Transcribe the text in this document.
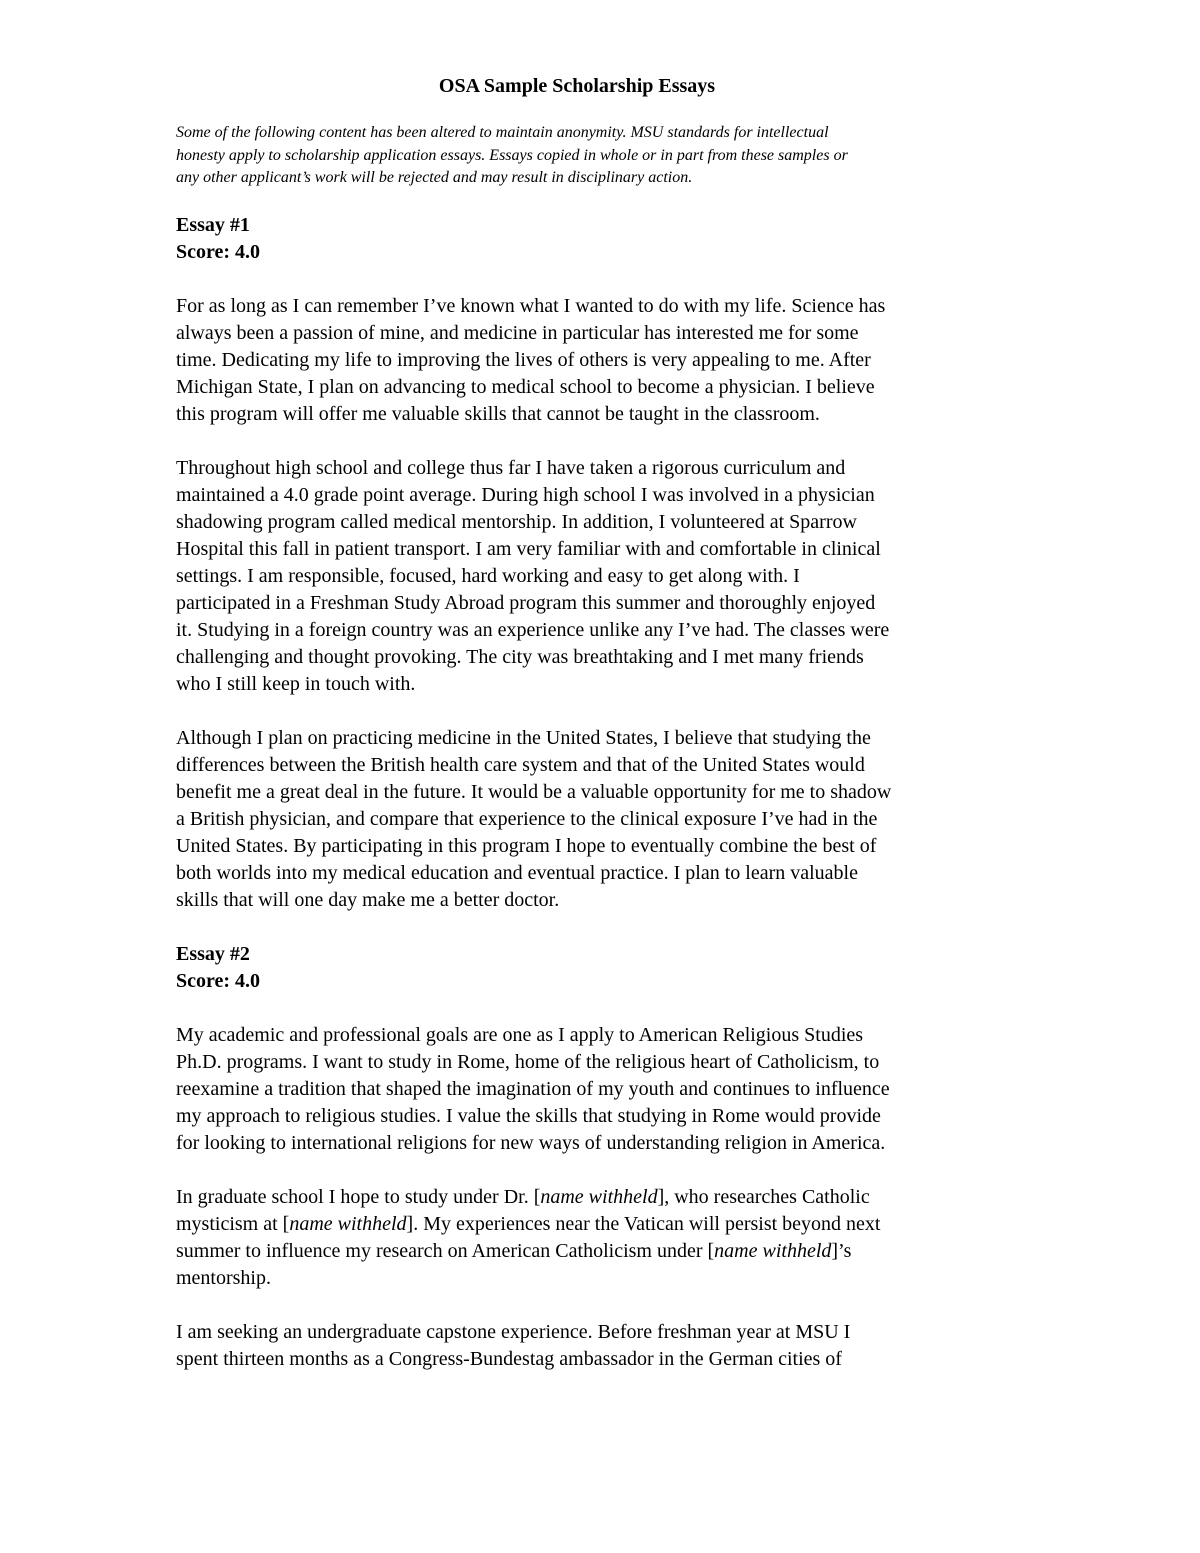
OSA Sample Scholarship Essays
Some of the following content has been altered to maintain anonymity. MSU standards for intellectual
honesty apply to scholarship application essays. Essays copied in whole or in part from these samples or
any other applicant’s work will be rejected and may result in disciplinary action.
Essay #1
Score: 4.0
For as long as I can remember I’ve known what I wanted to do with my life. Science has
always been a passion of mine, and medicine in particular has interested me for some
time. Dedicating my life to improving the lives of others is very appealing to me. After
Michigan State, I plan on advancing to medical school to become a physician. I believe
this program will offer me valuable skills that cannot be taught in the classroom.
Throughout high school and college thus far I have taken a rigorous curriculum and
maintained a 4.0 grade point average. During high school I was involved in a physician
shadowing program called medical mentorship. In addition, I volunteered at Sparrow
Hospital this fall in patient transport. I am very familiar with and comfortable in clinical
settings. I am responsible, focused, hard working and easy to get along with. I
participated in a Freshman Study Abroad program this summer and thoroughly enjoyed
it. Studying in a foreign country was an experience unlike any I’ve had. The classes were
challenging and thought provoking. The city was breathtaking and I met many friends
who I still keep in touch with.
Although I plan on practicing medicine in the United States, I believe that studying the
differences between the British health care system and that of the United States would
benefit me a great deal in the future. It would be a valuable opportunity for me to shadow
a British physician, and compare that experience to the clinical exposure I’ve had in the
United States. By participating in this program I hope to eventually combine the best of
both worlds into my medical education and eventual practice. I plan to learn valuable
skills that will one day make me a better doctor.
Essay #2
Score: 4.0
My academic and professional goals are one as I apply to American Religious Studies
Ph.D. programs. I want to study in Rome, home of the religious heart of Catholicism, to
reexamine a tradition that shaped the imagination of my youth and continues to influence
my approach to religious studies. I value the skills that studying in Rome would provide
for looking to international religions for new ways of understanding religion in America.
In graduate school I hope to study under Dr. [name withheld], who researches Catholic
mysticism at [name withheld]. My experiences near the Vatican will persist beyond next
summer to influence my research on American Catholicism under [name withheld]’s
mentorship.
I am seeking an undergraduate capstone experience. Before freshman year at MSU I
spent thirteen months as a Congress-Bundestag ambassador in the German cities of
